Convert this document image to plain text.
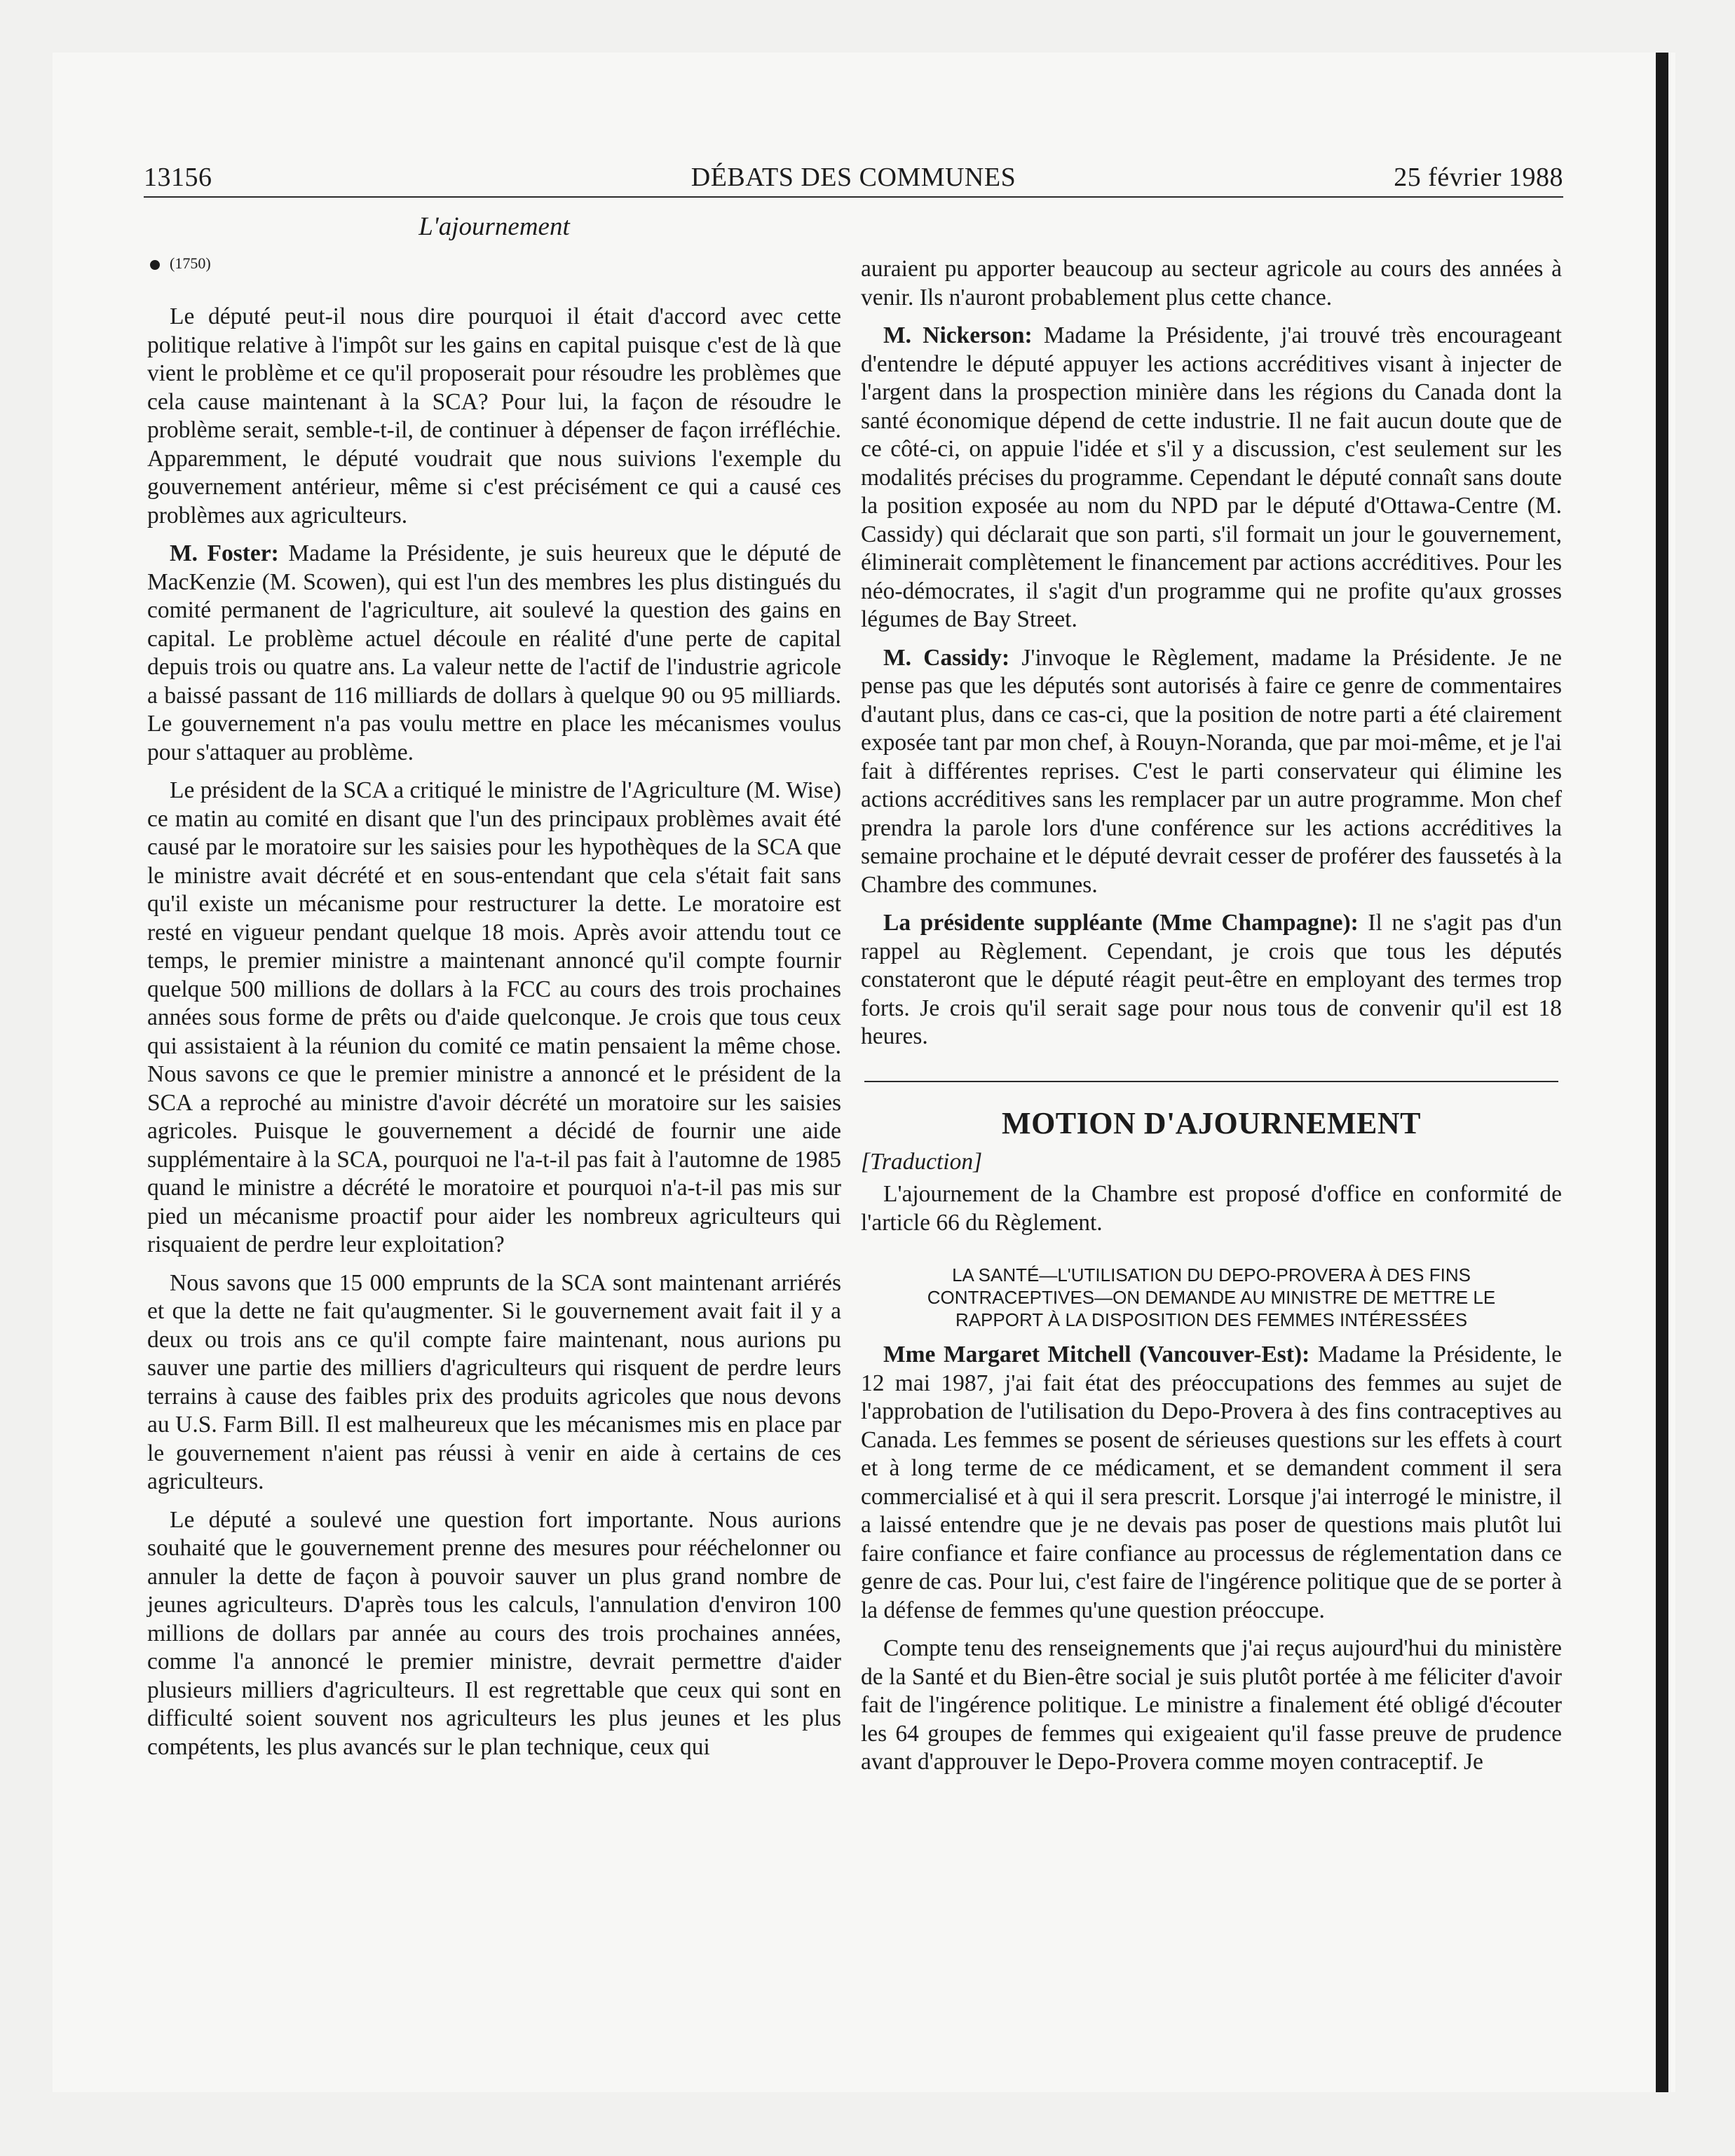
13156	DÉBATS DES COMMUNES	25 février 1988
L'ajournement
(1750)

Le député peut-il nous dire pourquoi il était d'accord avec cette politique relative à l'impôt sur les gains en capital puisque c'est de là que vient le problème et ce qu'il proposerait pour résoudre les problèmes que cela cause maintenant à la SCA? Pour lui, la façon de résoudre le problème serait, semble-t-il, de continuer à dépenser de façon irréfléchie. Apparemment, le député voudrait que nous suivions l'exemple du gouvernement antérieur, même si c'est précisément ce qui a causé ces problèmes aux agriculteurs.

M. Foster: Madame la Présidente, je suis heureux que le député de MacKenzie (M. Scowen), qui est l'un des membres les plus distingués du comité permanent de l'agriculture, ait soulevé la question des gains en capital. Le problème actuel découle en réalité d'une perte de capital depuis trois ou quatre ans. La valeur nette de l'actif de l'industrie agricole a baissé passant de 116 milliards de dollars à quelque 90 ou 95 milliards. Le gouvernement n'a pas voulu mettre en place les mécanismes voulus pour s'attaquer au problème.

Le président de la SCA a critiqué le ministre de l'Agriculture (M. Wise) ce matin au comité en disant que l'un des principaux problèmes avait été causé par le moratoire sur les saisies pour les hypothèques de la SCA que le ministre avait décrété et en sous-entendant que cela s'était fait sans qu'il existe un mécanisme pour restructurer la dette. Le moratoire est resté en vigueur pendant quelque 18 mois. Après avoir attendu tout ce temps, le premier ministre a maintenant annoncé qu'il compte fournir quelque 500 millions de dollars à la FCC au cours des trois prochaines années sous forme de prêts ou d'aide quelconque. Je crois que tous ceux qui assistaient à la réunion du comité ce matin pensaient la même chose. Nous savons ce que le premier ministre a annoncé et le président de la SCA a reproché au ministre d'avoir décrété un moratoire sur les saisies agricoles. Puisque le gouvernement a décidé de fournir une aide supplémentaire à la SCA, pourquoi ne l'a-t-il pas fait à l'automne de 1985 quand le ministre a décrété le moratoire et pourquoi n'a-t-il pas mis sur pied un mécanisme proactif pour aider les nombreux agriculteurs qui risquaient de perdre leur exploitation?

Nous savons que 15 000 emprunts de la SCA sont maintenant arriérés et que la dette ne fait qu'augmenter. Si le gouvernement avait fait il y a deux ou trois ans ce qu'il compte faire maintenant, nous aurions pu sauver une partie des milliers d'agriculteurs qui risquent de perdre leurs terrains à cause des faibles prix des produits agricoles que nous devons au U.S. Farm Bill. Il est malheureux que les mécanismes mis en place par le gouvernement n'aient pas réussi à venir en aide à certains de ces agriculteurs.

Le député a soulevé une question fort importante. Nous aurions souhaité que le gouvernement prenne des mesures pour rééchelonner ou annuler la dette de façon à pouvoir sauver un plus grand nombre de jeunes agriculteurs. D'après tous les calculs, l'annulation d'environ 100 millions de dollars par année au cours des trois prochaines années, comme l'a annoncé le premier ministre, devrait permettre d'aider plusieurs milliers d'agriculteurs. Il est regrettable que ceux qui sont en difficulté soient souvent nos agriculteurs les plus jeunes et les plus compétents, les plus avancés sur le plan technique, ceux qui

auraient pu apporter beaucoup au secteur agricole au cours des années à venir. Ils n'auront probablement plus cette chance.

M. Nickerson: Madame la Présidente, j'ai trouvé très encourageant d'entendre le député appuyer les actions accréditives visant à injecter de l'argent dans la prospection minière dans les régions du Canada dont la santé économique dépend de cette industrie. Il ne fait aucun doute que de ce côté-ci, on appuie l'idée et s'il y a discussion, c'est seulement sur les modalités précises du programme. Cependant le député connaît sans doute la position exposée au nom du NPD par le député d'Ottawa-Centre (M. Cassidy) qui déclarait que son parti, s'il formait un jour le gouvernement, éliminerait complètement le financement par actions accréditives. Pour les néo-démocrates, il s'agit d'un programme qui ne profite qu'aux grosses légumes de Bay Street.

M. Cassidy: J'invoque le Règlement, madame la Présidente. Je ne pense pas que les députés sont autorisés à faire ce genre de commentaires d'autant plus, dans ce cas-ci, que la position de notre parti a été clairement exposée tant par mon chef, à Rouyn-Noranda, que par moi-même, et je l'ai fait à différentes reprises. C'est le parti conservateur qui élimine les actions accréditives sans les remplacer par un autre programme. Mon chef prendra la parole lors d'une conférence sur les actions accréditives la semaine prochaine et le député devrait cesser de proférer des faussetés à la Chambre des communes.

La présidente suppléante (Mme Champagne): Il ne s'agit pas d'un rappel au Règlement. Cependant, je crois que tous les députés constateront que le député réagit peut-être en employant des termes trop forts. Je crois qu'il serait sage pour nous tous de convenir qu'il est 18 heures.

MOTION D'AJOURNEMENT
[Traduction]

L'ajournement de la Chambre est proposé d'office en conformité de l'article 66 du Règlement.

LA SANTÉ—L'UTILISATION DU DEPO-PROVERA À DES FINS CONTRACEPTIVES—ON DEMANDE AU MINISTRE DE METTRE LE RAPPORT À LA DISPOSITION DES FEMMES INTÉRESSÉES

Mme Margaret Mitchell (Vancouver-Est): Madame la Présidente, le 12 mai 1987, j'ai fait état des préoccupations des femmes au sujet de l'approbation de l'utilisation du Depo-Provera à des fins contraceptives au Canada. Les femmes se posent de sérieuses questions sur les effets à court et à long terme de ce médicament, et se demandent comment il sera commercialisé et à qui il sera prescrit. Lorsque j'ai interrogé le ministre, il a laissé entendre que je ne devais pas poser de questions mais plutôt lui faire confiance et faire confiance au processus de réglementation dans ce genre de cas. Pour lui, c'est faire de l'ingérence politique que de se porter à la défense de femmes qu'une question préoccupe.

Compte tenu des renseignements que j'ai reçus aujourd'hui du ministère de la Santé et du Bien-être social je suis plutôt portée à me féliciter d'avoir fait de l'ingérence politique. Le ministre a finalement été obligé d'écouter les 64 groupes de femmes qui exigeaient qu'il fasse preuve de prudence avant d'approuver le Depo-Provera comme moyen contraceptif. Je
